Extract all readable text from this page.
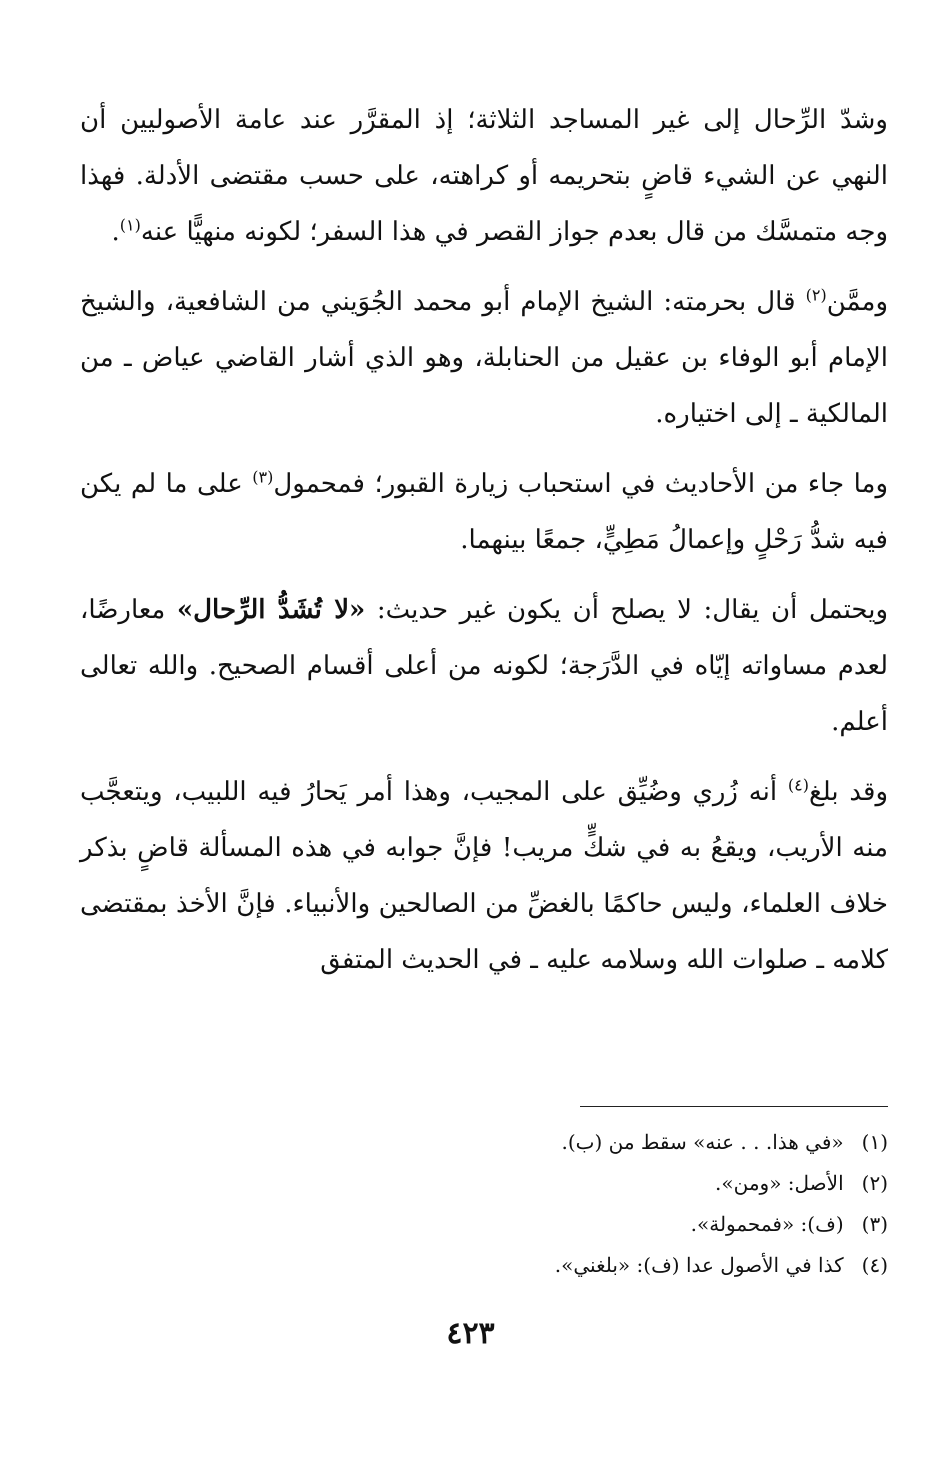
وشدّ الرِّحال إلى غير المساجد الثلاثة؛ إذ المقرَّر عند عامة الأصوليين أن النهي عن الشيء قاضٍ بتحريمه أو كراهته، على حسب مقتضى الأدلة. فهذا وجه متمسَّك من قال بعدم جواز القصر في هذا السفر؛ لكونه منهيًّا عنه$^{(١)}$.

وممَّن$^{(٢)}$ قال بحرمته: الشيخ الإمام أبو محمد الجُوَيني من الشافعية، والشيخ الإمام أبو الوفاء بن عقيل من الحنابلة، وهو الذي أشار القاضي عياض ـ من المالكية ـ إلى اختياره.

وما جاء من الأحاديث في استحباب زيارة القبور؛ فمحمول$^{(٣)}$ على ما لم يكن فيه شدُّ رَحْلٍ وإعمالُ مَطِيٍّ، جمعًا بينهما.

ويحتمل أن يقال: لا يصلح أن يكون غير حديث: «لا تُشَدُّ الرِّحال» معارضًا، لعدم مساواته إيّاه في الدَّرَجة؛ لكونه من أعلى أقسام الصحيح. والله تعالى أعلم.

وقد بلغ$^{(٤)}$ أنه زُري وضُيِّق على المجيب، وهذا أمر يَحارُ فيه اللبيب، ويتعجَّب منه الأريب، ويقعُ به في شكٍّ مريب! فإنَّ جوابه في هذه المسألة قاضٍ بذكر خلاف العلماء، وليس حاكمًا بالغضِّ من الصالحين والأنبياء. فإنَّ الأخذ بمقتضى كلامه ـ صلوات الله وسلامه عليه ـ في الحديث المتفق

(١) «في هذا. . . عنه» سقط من (ب).
(٢) الأصل: «ومن».
(٣) (ف): «فمحمولة».
(٤) كذا في الأصول عدا (ف): «بلغني».
٤٢٣
